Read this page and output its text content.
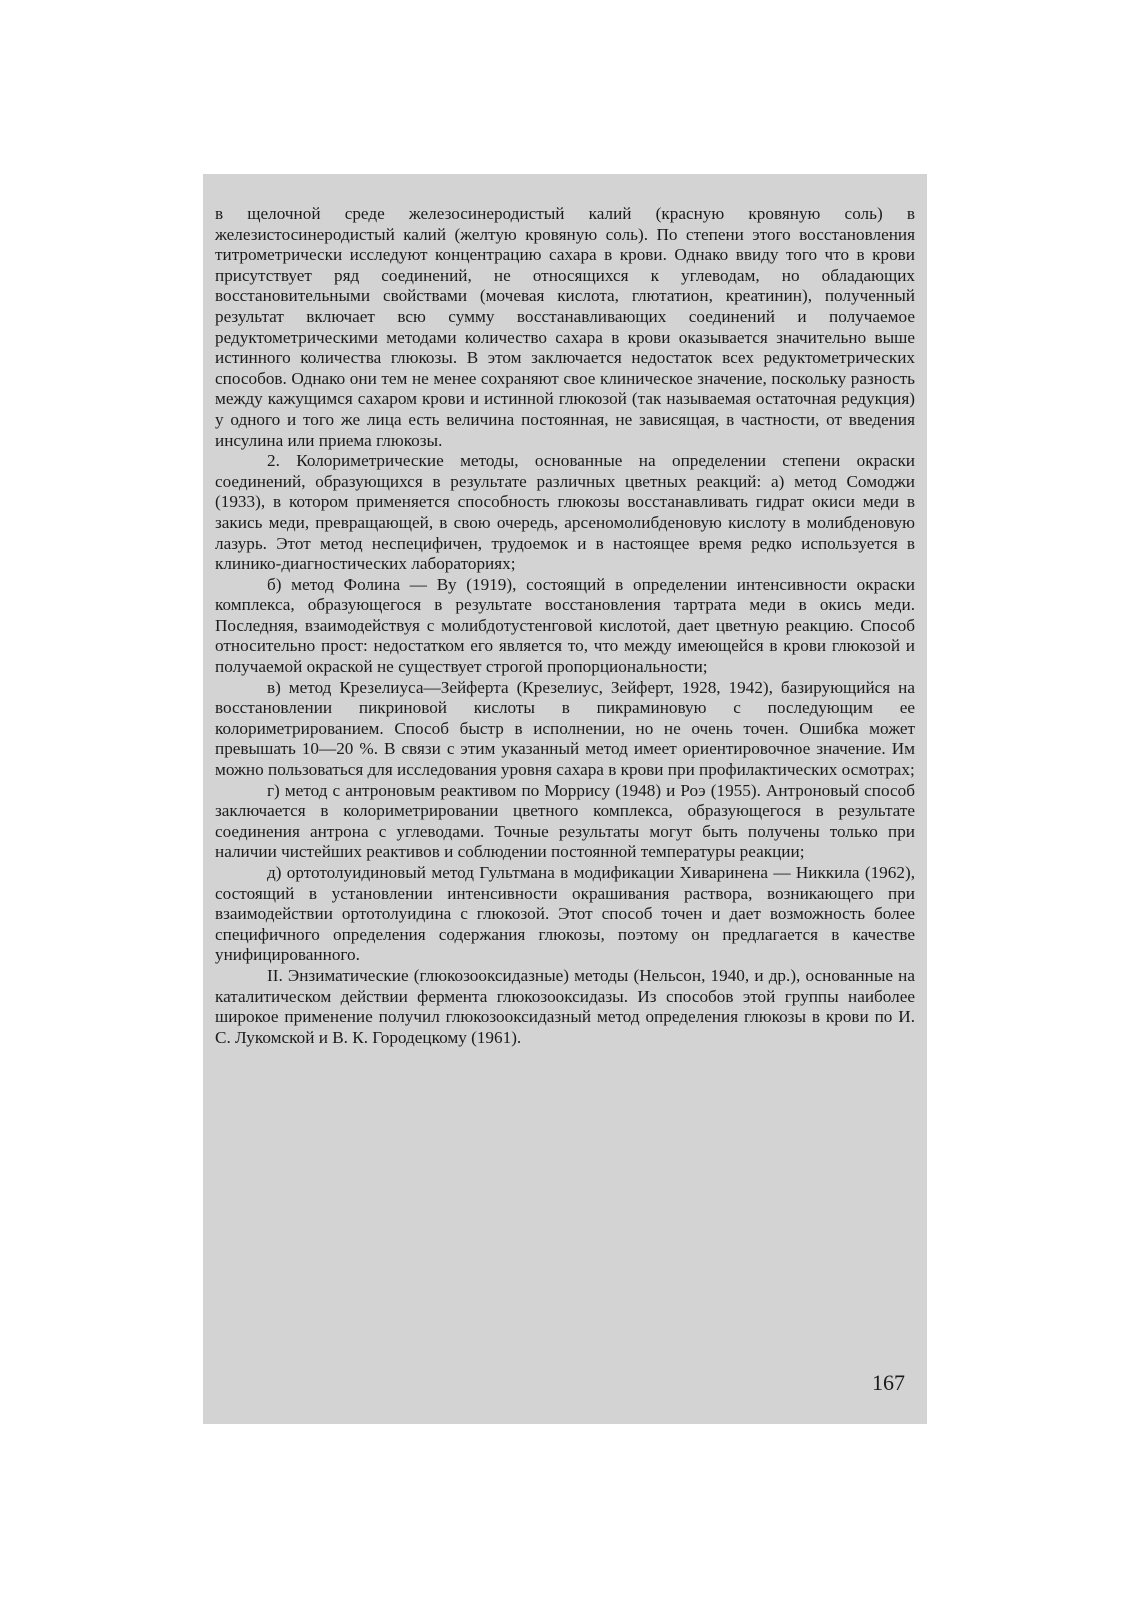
в щелочной среде железосинеродистый калий (красную кровяную соль) в железистосинеродистый калий (желтую кровяную соль). По степени этого восстановления титрометрически исследуют концентрацию сахара в крови. Однако ввиду того что в крови присутствует ряд соединений, не относящихся к углеводам, но обладающих восстановительными свойствами (мочевая кислота, глютатион, креатинин), полученный результат включает всю сумму восстанавливающих соединений и получаемое редуктометрическими методами количество сахара в крови оказывается значительно выше истинного количества глюкозы. В этом заключается недостаток всех редуктометрических способов. Однако они тем не менее сохраняют свое клиническое значение, поскольку разность между кажущимся сахаром крови и истинной глюкозой (так называемая остаточная редукция) у одного и того же лица есть величина постоянная, не зависящая, в частности, от введения инсулина или приема глюкозы.

2. Колориметрические методы, основанные на определении степени окраски соединений, образующихся в результате различных цветных реакций: а) метод Сомоджи (1933), в котором применяется способность глюкозы восстанавливать гидрат окиси меди в закись меди, превращающей, в свою очередь, арсеномолибденовую кислоту в молибденовую лазурь. Этот метод неспецифичен, трудоемок и в настоящее время редко используется в клинико-диагностических лабораториях;

б) метод Фолина — Ву (1919), состоящий в определении интенсивности окраски комплекса, образующегося в результате восстановления тартрата меди в окись меди. Последняя, взаимодействуя с молибдотустенговой кислотой, дает цветную реакцию. Способ относительно прост: недостатком его является то, что между имеющейся в крови глюкозой и получаемой окраской не существует строгой пропорциональности;

в) метод Крезелиуса—Зейферта (Крезелиус, Зейферт, 1928, 1942), базирующийся на восстановлении пикриновой кислоты в пикраминовую с последующим ее колориметрированием. Способ быстр в исполнении, но не очень точен. Ошибка может превышать 10—20 %. В связи с этим указанный метод имеет ориентировочное значение. Им можно пользоваться для исследования уровня сахара в крови при профилактических осмотрах;

г) метод с антроновым реактивом по Моррису (1948) и Роэ (1955). Антроновый способ заключается в колориметрировании цветного комплекса, образующегося в результате соединения антрона с углеводами. Точные результаты могут быть получены только при наличии чистейших реактивов и соблюдении постоянной температуры реакции;

д) ортотолуидиновый метод Гультмана в модификации Хиваринена — Никкила (1962), состоящий в установлении интенсивности окрашивания раствора, возникающего при взаимодействии ортотолуидина с глюкозой. Этот способ точен и дает возможность более специфичного определения содержания глюкозы, поэтому он предлагается в качестве унифицированного.

II. Энзиматические (глюкозооксидазные) методы (Нельсон, 1940, и др.), основанные на каталитическом действии фермента глюкозооксидазы. Из способов этой группы наиболее широкое применение получил глюкозооксидазный метод определения глюкозы в крови по И. С. Лукомской и В. К. Городецкому (1961).

167
